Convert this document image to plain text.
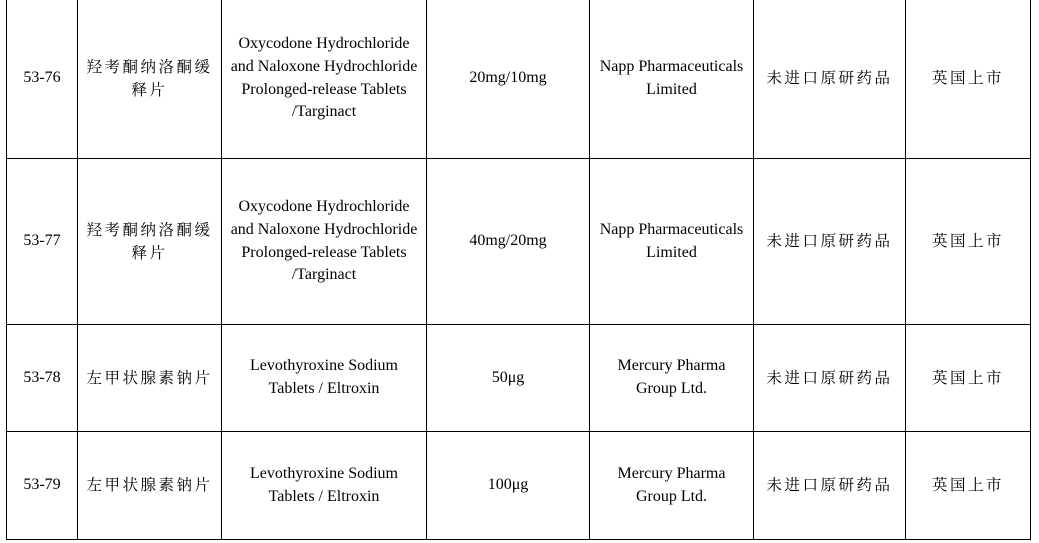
53-76	羟考酮纳洛酮缓释片	Oxycodone Hydrochloride and Naloxone Hydrochloride Prolonged-release Tablets /Targinact	20mg/10mg	Napp Pharmaceuticals Limited	未进口原研药品	英国上市
53-77	羟考酮纳洛酮缓释片	Oxycodone Hydrochloride and Naloxone Hydrochloride Prolonged-release Tablets /Targinact	40mg/20mg	Napp Pharmaceuticals Limited	未进口原研药品	英国上市
53-78	左甲状腺素钠片	Levothyroxine Sodium Tablets / Eltroxin	50μg	Mercury Pharma Group Ltd.	未进口原研药品	英国上市
53-79	左甲状腺素钠片	Levothyroxine Sodium Tablets / Eltroxin	100μg	Mercury Pharma Group Ltd.	未进口原研药品	英国上市
